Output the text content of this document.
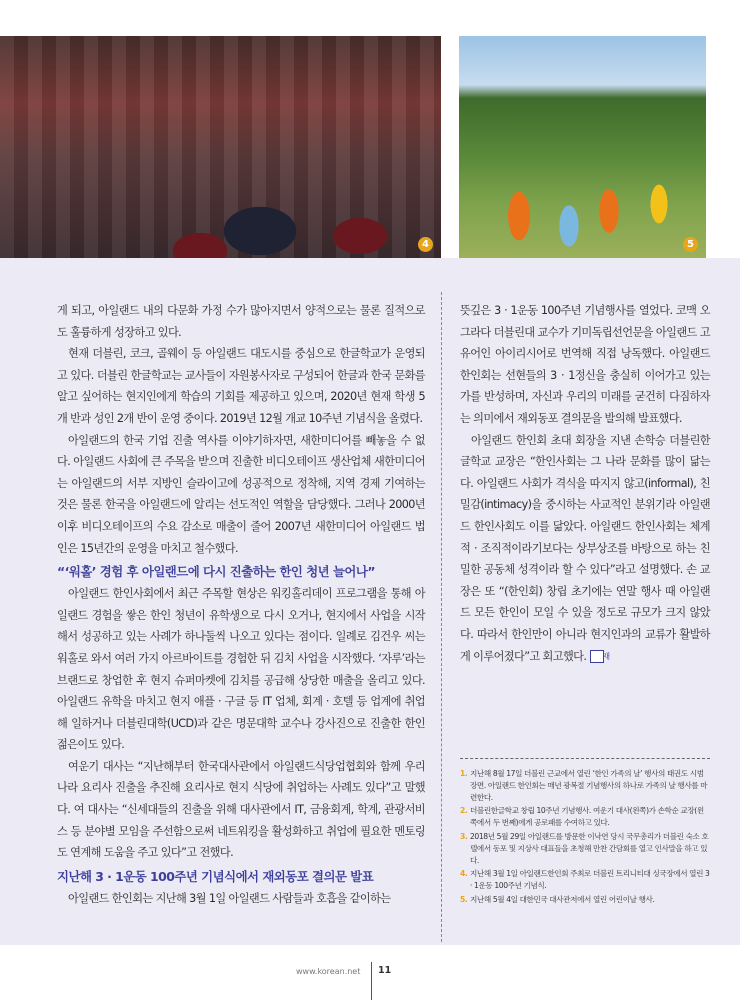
4	5

게 되고, 아일랜드 내의 다문화 가정 수가 많아지면서 양적으로는 물론 질적으로도 훌륭하게 성장하고 있다.

현재 더블린, 코크, 골웨이 등 아일랜드 대도시를 중심으로 한글학교가 운영되고 있다. 더블린 한글학교는 교사들이 자원봉사자로 구성되어 한글과 한국 문화를 알고 싶어하는 현지인에게 학습의 기회를 제공하고 있으며, 2020년 현재 학생 5개 반과 성인 2개 반이 운영 중이다. 2019년 12월 개교 10주년 기념식을 올렸다.

아일랜드의 한국 기업 진출 역사를 이야기하자면, 새한미디어를 빼놓을 수 없다. 아일랜드 사회에 큰 주목을 받으며 진출한 비디오테이프 생산업체 새한미디어는 아일랜드의 서부 지방인 슬라이고에 성공적으로 정착해, 지역 경제 기여하는 것은 물론 한국을 아일랜드에 알리는 선도적인 역할을 담당했다. 그러나 2000년 이후 비디오테이프의 수요 감소로 매출이 줄어 2007년 새한미디어 아일랜드 법인은 15년간의 운영을 마치고 철수했다.

“‘워홀’ 경험 후 아일랜드에 다시 진출하는 한인 청년 늘어나”

아일랜드 한인사회에서 최근 주목할 현상은 워킹홀리데이 프로그램을 통해 아일랜드 경험을 쌓은 한인 청년이 유학생으로 다시 오거나, 현지에서 사업을 시작해서 성공하고 있는 사례가 하나둘씩 나오고 있다는 점이다. 일례로 김건우 씨는 워홀로 와서 여러 가지 아르바이트를 경험한 뒤 김치 사업을 시작했다. ‘자루’라는 브랜드로 창업한 후 현지 슈퍼마켓에 김치를 공급해 상당한 매출을 올리고 있다. 아일랜드 유학을 마치고 현지 애플 · 구글 등 IT 업체, 회계 · 호텔 등 업계에 취업해 일하거나 더블린대학(UCD)과 같은 명문대학 교수나 강사진으로 진출한 한인 젊은이도 있다.

여운기 대사는 “지난해부터 한국대사관에서 아일랜드식당업협회와 함께 우리나라 요리사 진출을 추진해 요리사로 현지 식당에 취업하는 사례도 있다”고 말했다. 여 대사는 “신세대들의 진출을 위해 대사관에서 IT, 금융회계, 학계, 관광서비스 등 분야별 모임을 주선함으로써 네트워킹을 활성화하고 취업에 필요한 멘토링도 연계해 도움을 주고 있다”고 전했다.

지난해 3 · 1운동 100주년 기념식에서 재외동포 결의문 발표

아일랜드 한인회는 지난해 3월 1일 아일랜드 사람들과 호흡을 같이하는

뜻깊은 3 · 1운동 100주년 기념행사를 열었다. 코맥 오 그라다 더블린대 교수가 기미독립선언문을 아일랜드 고유어인 아이리시어로 번역해 직접 낭독했다. 아일랜드 한인회는 선현들의 3 · 1정신을 충실히 이어가고 있는가를 반성하며, 자신과 우리의 미래를 굳건히 다짐하자는 의미에서 재외동포 결의문을 발의해 발표했다.

아일랜드 한인회 초대 회장을 지낸 손학승 더블린한글학교 교장은 “한인사회는 그 나라 문화를 많이 닮는다. 아일랜드 사회가 격식을 따지지 않고(informal), 친밀감(intimacy)을 중시하는 사교적인 분위기라 아일랜드 한인사회도 이를 닮았다. 아일랜드 한인사회는 체계적 · 조직적이라기보다는 상부상조를 바탕으로 하는 친밀한 공동체 성격이라 할 수 있다”라고 설명했다. 손 교장은 또 “(한인회) 창립 초기에는 연말 행사 때 아일랜드 모든 한인이 모일 수 있을 정도로 규모가 크지 않았다. 따라서 한인만이 아니라 현지인과의 교류가 활발하게 이루어졌다”고 회고했다. 재

1. 지난해 8월 17일 더블린 근교에서 열린 ‘한인 가족의 날’ 행사의 태권도 시범 장면. 아일랜드 한인회는 매년 광복절 기념행사의 하나로 가족의 날 행사를 마련한다.
2. 더블린한글학교 창립 10주년 기념행사. 여운기 대사(왼쪽)가 손학순 교장(왼쪽에서 두 번째)에게 공로패를 수여하고 있다.
3. 2018년 5월 29일 아일랜드를 방문한 이낙연 당시 국무총리가 더블린 숙소 호텔에서 동포 및 지상사 대표들을 초청해 만찬 간담회를 열고 인사말을 하고 있다.
4. 지난해 3월 1일 아일랜드한인회 주최로 더블린 트리니티대 싱국장에서 열린 3 · 1운동 100주년 기념식.
5. 지난해 5월 4일 대한민국 대사관저에서 열린 어린이날 행사.
www.korean.net 11
